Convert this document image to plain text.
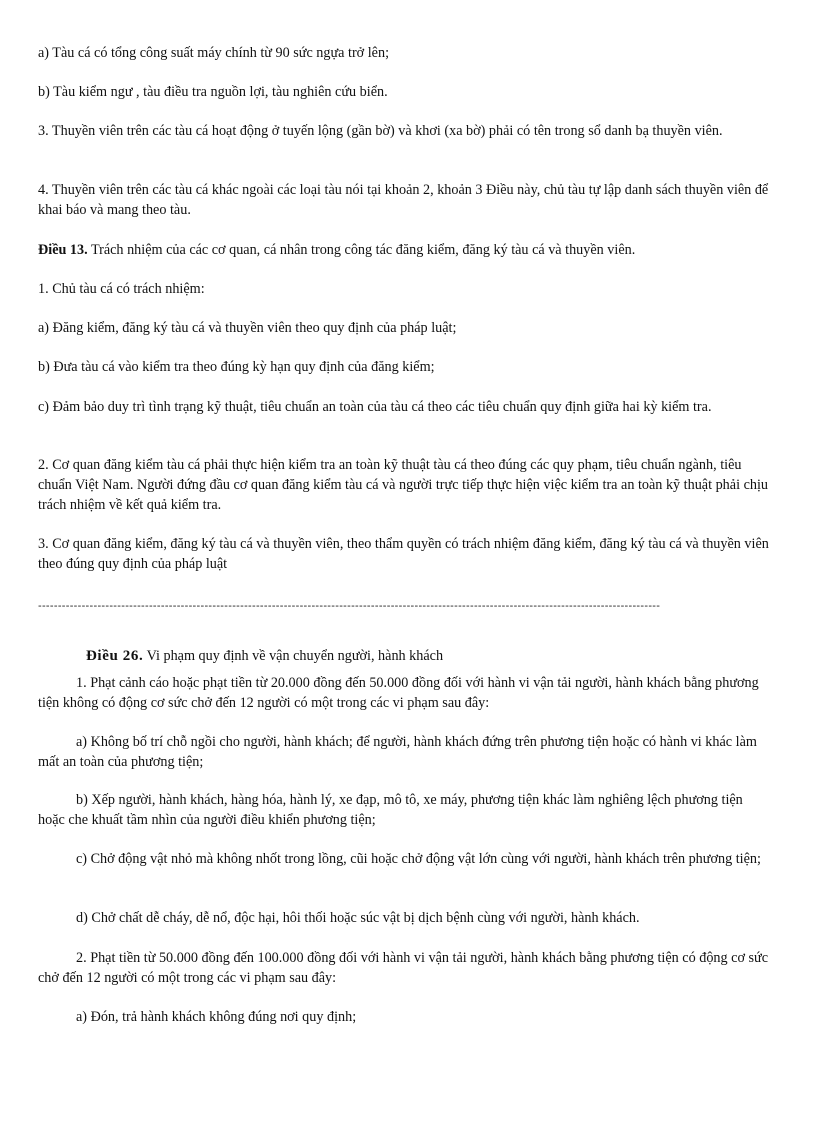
a) Tàu cá có tổng công suất máy chính từ 90 sức ngựa trở lên;

b) Tàu kiểm ngư , tàu điều tra nguồn lợi, tàu nghiên cứu biển.

3. Thuyền viên trên các tàu cá hoạt động ở tuyến lộng (gần bờ) và khơi (xa bờ) phải có tên trong sổ danh bạ thuyền viên.

4. Thuyền viên trên các tàu cá khác ngoài các loại tàu nói tại khoản 2, khoản 3 Điều này, chủ tàu tự lập danh sách thuyền viên để khai báo và mang theo tàu.

Điều 13. Trách nhiệm của các cơ quan, cá nhân trong công tác đăng kiểm, đăng ký tàu cá và thuyền viên.

1. Chủ tàu cá có trách nhiệm:

a) Đăng kiểm, đăng ký tàu cá và thuyền viên theo quy định của pháp luật;

b) Đưa tàu cá vào kiểm tra theo đúng kỳ hạn quy định của đăng kiểm;

c) Đảm bảo duy trì tình trạng kỹ thuật, tiêu chuẩn an toàn của tàu cá theo các tiêu chuẩn quy định giữa hai kỳ kiểm tra.

2. Cơ quan đăng kiểm tàu cá phải thực hiện kiểm tra an toàn kỹ thuật tàu cá theo đúng các quy phạm, tiêu chuẩn ngành, tiêu chuẩn Việt Nam. Người đứng đầu cơ quan đăng kiểm tàu cá và người trực tiếp thực hiện việc kiểm tra an toàn kỹ thuật phải chịu trách nhiệm về kết quả kiểm tra.

3. Cơ quan đăng kiểm, đăng ký tàu cá và thuyền viên, theo thẩm quyền có trách nhiệm đăng kiểm, đăng ký tàu cá và thuyền viên theo đúng quy định của pháp luật

-------------------------------------------------------------------------------------------------------------------------------------------------------------

Điều 26. Vi phạm quy định về vận chuyển người, hành khách

1. Phạt cảnh cáo hoặc phạt tiền từ 20.000 đồng đến 50.000 đồng đối với hành vi vận tải người, hành khách bằng phương tiện không có động cơ sức chở đến 12 người có một trong các vi phạm sau đây:

a) Không bố trí chỗ ngồi cho người, hành khách; để người, hành khách đứng trên phương tiện hoặc có hành vi khác làm mất an toàn của phương tiện;

b) Xếp người, hành khách, hàng hóa, hành lý, xe đạp, mô tô, xe máy, phương tiện khác làm nghiêng lệch phương tiện hoặc che khuất tầm nhìn của người điều khiển phương tiện;

c) Chở động vật nhỏ mà không nhốt trong lồng, cũi hoặc chở động vật lớn cùng với người, hành khách trên phương tiện;

d) Chở chất dễ cháy, dễ nổ, độc hại, hôi thối hoặc súc vật bị dịch bệnh cùng với người, hành khách.

2. Phạt tiền từ 50.000 đồng đến 100.000 đồng đối với hành vi vận tải người, hành khách bằng phương tiện có động cơ sức chở đến 12 người có một trong các vi phạm sau đây:

a) Đón, trả hành khách không đúng nơi quy định;
